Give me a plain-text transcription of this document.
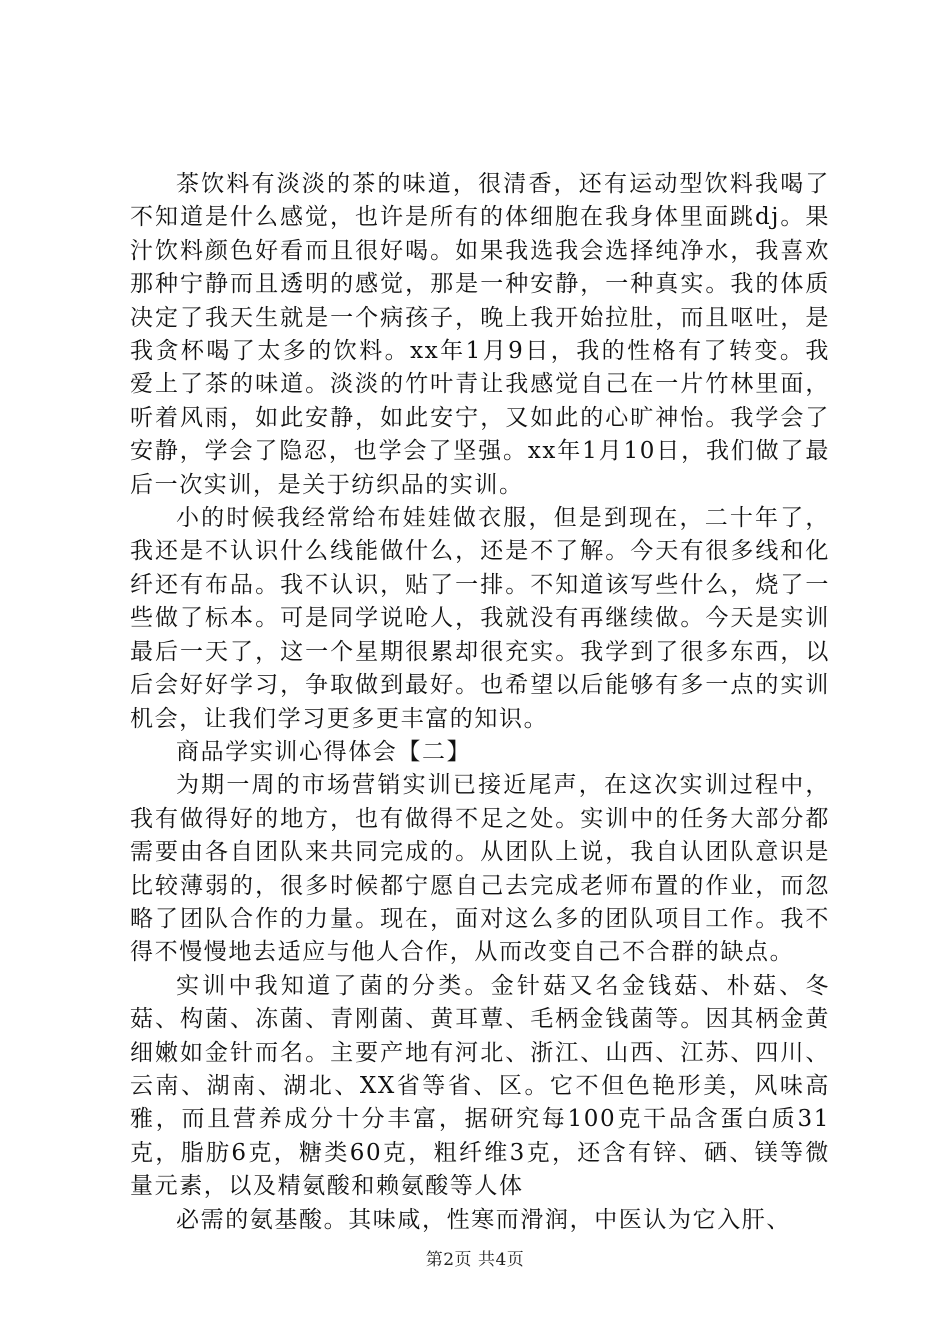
茶饮料有淡淡的茶的味道，很清香，还有运动型饮料我喝了不知道是什么感觉，也许是所有的体细胞在我身体里面跳dj。果汁饮料颜色好看而且很好喝。如果我选我会选择纯净水，我喜欢那种宁静而且透明的感觉，那是一种安静，一种真实。我的体质决定了我天生就是一个病孩子，晚上我开始拉肚，而且呕吐，是我贪杯喝了太多的饮料。xx年1月9日，我的性格有了转变。我爱上了茶的味道。淡淡的竹叶青让我感觉自己在一片竹林里面，听着风雨，如此安静，如此安宁，又如此的心旷神怡。我学会了安静，学会了隐忍，也学会了坚强。xx年1月10日，我们做了最后一次实训，是关于纺织品的实训。

小的时候我经常给布娃娃做衣服，但是到现在，二十年了，我还是不认识什么线能做什么，还是不了解。今天有很多线和化纤还有布品。我不认识，贴了一排。不知道该写些什么，烧了一些做了标本。可是同学说呛人，我就没有再继续做。今天是实训最后一天了，这一个星期很累却很充实。我学到了很多东西，以后会好好学习，争取做到最好。也希望以后能够有多一点的实训机会，让我们学习更多更丰富的知识。

商品学实训心得体会【二】

为期一周的市场营销实训已接近尾声，在这次实训过程中，我有做得好的地方，也有做得不足之处。实训中的任务大部分都需要由各自团队来共同完成的。从团队上说，我自认团队意识是比较薄弱的，很多时候都宁愿自己去完成老师布置的作业，而忽略了团队合作的力量。现在，面对这么多的团队项目工作。我不得不慢慢地去适应与他人合作，从而改变自己不合群的缺点。

实训中我知道了菌的分类。金针菇又名金钱菇、朴菇、冬菇、构菌、冻菌、青刚菌、黄耳蕈、毛柄金钱菌等。因其柄金黄细嫩如金针而名。主要产地有河北、浙江、山西、江苏、四川、云南、湖南、湖北、XX省等省、区。它不但色艳形美，风味高雅，而且营养成分十分丰富，据研究每100克干品含蛋白质31克，脂肪6克，糖类60克，粗纤维3克，还含有锌、硒、镁等微量元素，以及精氨酸和赖氨酸等人体

必需的氨基酸。其味咸，性寒而滑润，中医认为它入肝、

第2页 共4页
